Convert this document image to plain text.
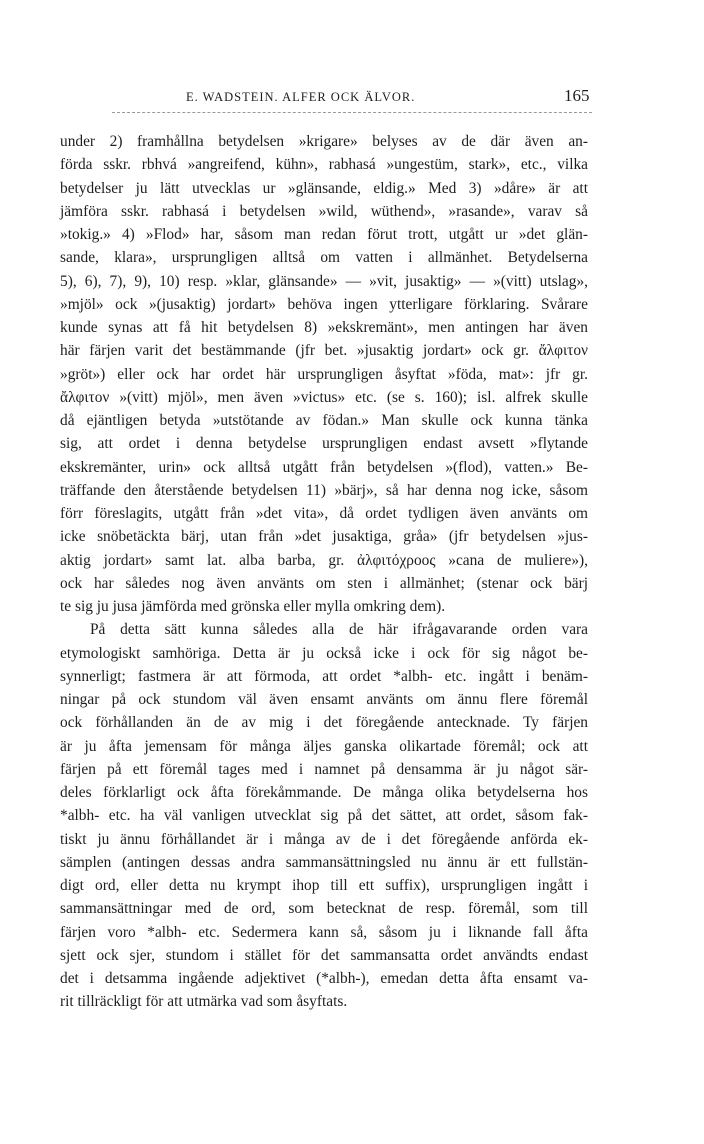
E. WADSTEIN. ALFER OCK ÄLVOR.	165
under 2) framhållna betydelsen »krigare» belyses av de där även an-
förda sskr. rbhvá »angreifend, kühn», rabhasá »ungestüm, stark», etc., vilka
betydelser ju lätt utvecklas ur »glänsande, eldig.» Med 3) »dåre» är att
jämföra sskr. rabhasá i betydelsen »wild, wüthend», »rasande», varav så
»tokig.» 4) »Flod» har, såsom man redan förut trott, utgått ur »det glän-
sande, klara», ursprungligen alltså om vatten i allmänhet. Betydelserna
5), 6), 7), 9), 10) resp. »klar, glänsande» — »vit, jusaktig» — »(vitt) utslag»,
»mjöl» ock »(jusaktig) jordart» behöva ingen ytterligare förklaring. Svårare
kunde synas att få hit betydelsen 8) »ekskremänt», men antingen har även
här färjen varit det bestämmande (jfr bet. »jusaktig jordart» ock gr. ἄλφιτον
»gröt») eller ock har ordet här ursprungligen åsyftat »föda, mat»: jfr gr.
ἄλφιτον »(vitt) mjöl», men även »victus» etc. (se s. 160); isl. alfrek skulle
då ejäntligen betyda »utstötande av födan.» Man skulle ock kunna tänka
sig, att ordet i denna betydelse ursprungligen endast avsett »flytande
ekskremänter, urin» ock alltså utgått från betydelsen »(flod), vatten.» Be-
träffande den återstående betydelsen 11) »bärj», så har denna nog icke, såsom
förr föreslagits, utgått från »det vita», då ordet tydligen även använts om
icke snöbetäckta bärj, utan från »det jusaktiga, gråa» (jfr betydelsen »jus-
aktig jordart» samt lat. alba barba, gr. ἀλφιτόχροος »cana de muliere»),
ock har således nog även använts om sten i allmänhet; (stenar ock bärj
te sig ju jusa jämförda med grönska eller mylla omkring dem).
På detta sätt kunna således alla de här ifrågavarande orden vara
etymologiskt samhöriga. Detta är ju också icke i ock för sig något be-
synnerligt; fastmera är att förmoda, att ordet *albh- etc. ingått i benäm-
ningar på ock stundom väl även ensamt använts om ännu flere föremål
ock förhållanden än de av mig i det föregående antecknade. Ty färjen
är ju åfta jemensam för många äljes ganska olikartade föremål; ock att
färjen på ett föremål tages med i namnet på densamma är ju något sär-
deles förklarligt ock åfta förekåmmande. De många olika betydelserna hos
*albh- etc. ha väl vanligen utvecklat sig på det sättet, att ordet, såsom fak-
tiskt ju ännu förhållandet är i många av de i det föregående anförda ek-
sämplen (antingen dessas andra sammansättningsled nu ännu är ett fullstän-
digt ord, eller detta nu krympt ihop till ett suffix), ursprungligen ingått i
sammansättningar med de ord, som betecknat de resp. föremål, som till
färjen voro *albh- etc. Sedermera kann så, såsom ju i liknande fall åfta
sjett ock sjer, stundom i stället för det sammansatta ordet användts endast
det i detsamma ingående adjektivet (*albh-), emedan detta åfta ensamt va-
rit tillräckligt för att utmärka vad som åsyftats.
